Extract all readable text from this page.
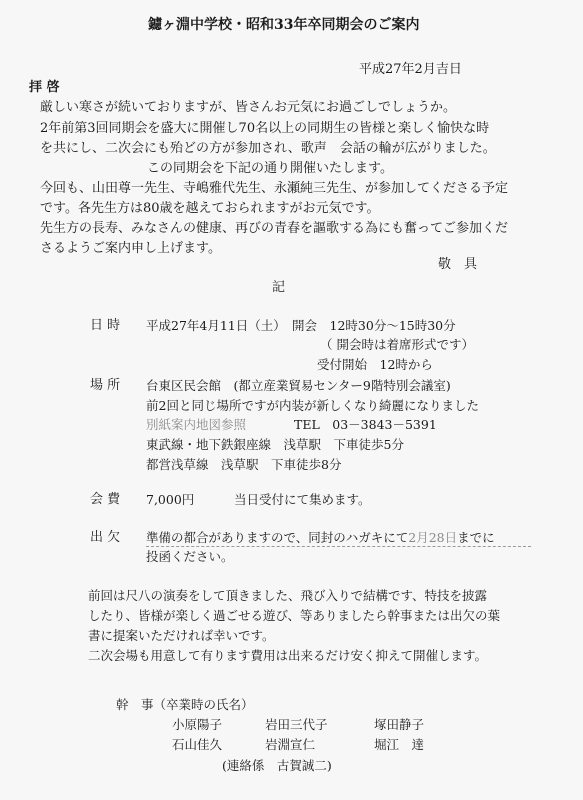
鑢ヶ淵中学校・昭和33年卒同期会のご案内
平成27年2月吉日
拝 啓
厳しい寒さが続いておりますが、皆さんお元気にお過ごしでしょうか。
2年前第3回同期会を盛大に開催し70名以上の同期生の皆様と楽しく愉快な時
を共にし、二次会にも殆どの方が参加され、歌声　会話の輪が広がりました。
この同期会を下記の通り開催いたします。
今回も、山田尊一先生、寺嶋雅代先生、永瀬純三先生、が参加してくださる予定
です。各先生方は80歳を越えておられますがお元気です。
先生方の長寿、みなさんの健康、再びの青春を謳歌する為にも奮ってご参加くだ
さるようご案内申し上げます。
敬　具
記
日 時 平成27年4月11日（土）　開会　12時30分～15時30分
（ 開会時は着席形式です）
受付開始　12時から
場 所 台東区民会館　(都立産業貿易センター9階特別会議室)
前2回と同じ場所ですが内装が新しくなり綺麗になりました
別紙案内地図参照	TEL　03－3843－5391
東武線・地下鉄銀座線　浅草駅　下車徒歩5分
都営浅草線　浅草駅　下車徒歩8分
会 費 7,000円	当日受付にて集めます。
出 欠 準備の都合がありますので、同封のハガキにて2月28日までに
投函ください。
前回は尺八の演奏をして頂きました、飛び入りで結構です、特技を披露
したり、皆様が楽しく過ごせる遊び、等ありましたら幹事または出欠の葉
書に提案いただければ幸いです。
二次会場も用意して有ります費用は出来るだけ安く抑えて開催します。
幹　事（卒業時の氏名）
小原陽子	岩田三代子	塚田静子
石山佳久	岩淵宣仁	堀江　達
(連絡係　古賀誠二)
